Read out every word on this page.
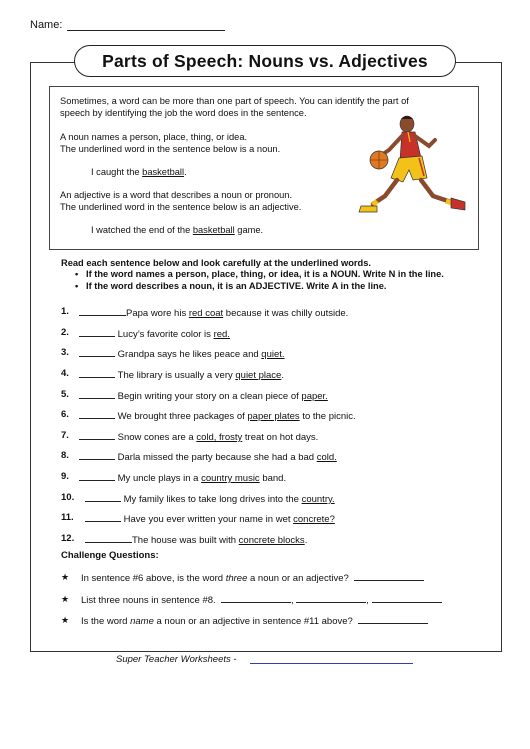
Name:
Parts of Speech: Nouns vs. Adjectives
Sometimes, a word can be more than one part of speech. You can identify the part of
speech by identifying the job the word does in the sentence.
A noun names a person, place, thing, or idea.
The underlined word in the sentence below is a noun.
I caught the basketball.
An adjective is a word that describes a noun or pronoun.
The underlined word in the sentence below is an adjective.
I watched the end of the basketball game.
Read each sentence below and look carefully at the underlined words.
•   If the word names a person, place, thing, or idea, it is a NOUN. Write N in the line.
•   If the word describes a noun, it is an ADJECTIVE. Write A in the line.
1.	Papa wore his red coat because it was chilly outside.
2.	Lucy’s favorite color is red.
3.	Grandpa says he likes peace and quiet.
4.	The library is usually a very quiet place.
5.	Begin writing your story on a clean piece of paper.
6.	We brought three packages of paper plates to the picnic.
7.	Snow cones are a cold, frosty treat on hot days.
8.	Darla missed the party because she had a bad cold.
9.	My uncle plays in a country music band.
10.	My family likes to take long drives into the country.
11.	Have you ever written your name in wet concrete?
12.	The house was built with concrete blocks.
Challenge Questions:
★ In sentence #6 above, is the word three a noun or an adjective?
★ List three nouns in sentence #8.	,	,
★ Is the word name a noun or an adjective in sentence #11 above?
Super Teacher Worksheets -
